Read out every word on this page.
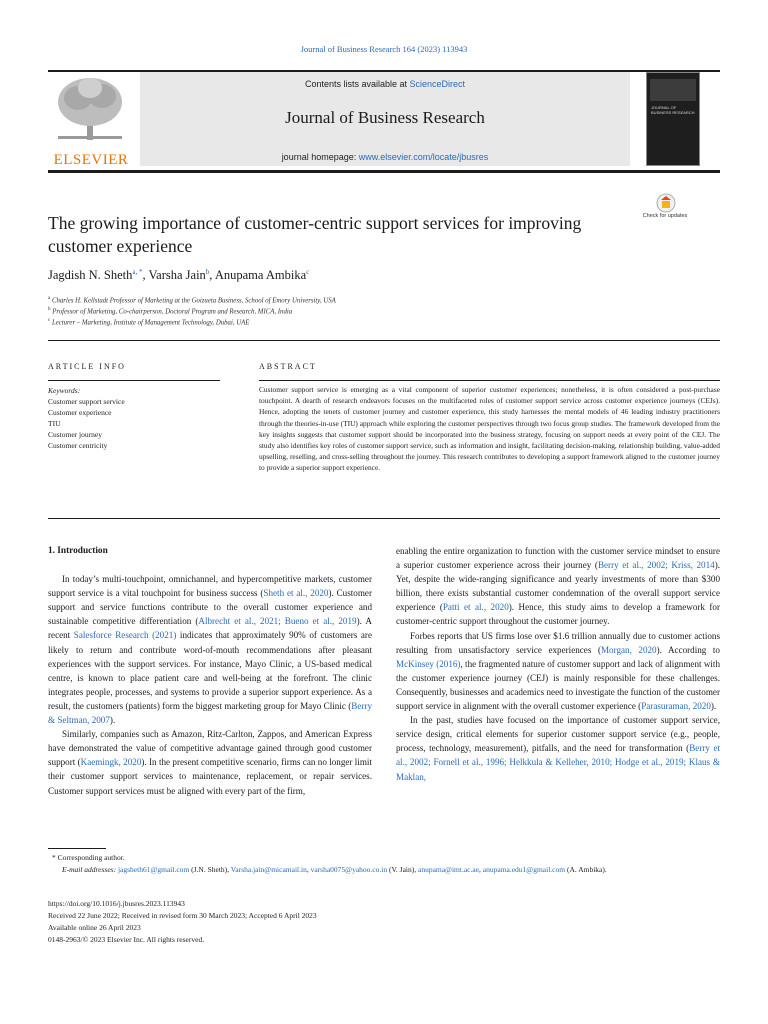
Journal of Business Research 164 (2023) 113943
ELSEVIER
Contents lists available at ScienceDirect
Journal of Business Research
journal homepage: www.elsevier.com/locate/jbusres
JOURNAL OF BUSINESS RESEARCH
The growing importance of customer-centric support services for improving customer experience
Check for updates
Jagdish N. Sheth$^{a, *}$, Varsha Jain$^b$, Anupama Ambika$^c$
$^a$ Charles H. Kellstadt Professor of Marketing at the Goizueta Business, School of Emory University, USA
$^b$ Professor of Marketing, Co-chairperson, Doctoral Program and Research, MICA, India
$^c$ Lecturer – Marketing, Institute of Management Technology, Dubai, UAE
ARTICLE INFO	ABSTRACT
Keywords:
Customer support service
Customer experience
TIU
Customer journey
Customer centricity
Customer support service is emerging as a vital component of superior customer experiences; nonetheless, it is often considered a post-purchase touchpoint. A dearth of research endeavors focuses on the multifaceted roles of customer support service across customer experience journeys (CEJs). Hence, adopting the tenets of customer journey and customer experience, this study harnesses the mental models of 46 leading industry practitioners through the theories-in-use (TIU) approach while exploring the customer perspectives through two focus group studies. The framework developed from the key insights suggests that customer support should be incorporated into the business strategy, focusing on support needs at every point of the CEJ. The study also identifies key roles of customer support service, such as information and insight, facilitating decision-making, relationship building, value-added upselling, reselling, and cross-selling throughout the journey. This research contributes to developing a support framework aligned to the customer journey to provide a superior support experience.
1. Introduction

In today’s multi-touchpoint, omnichannel, and hypercompetitive markets, customer support service is a vital touchpoint for business success (Sheth et al., 2020). Customer support and service functions contribute to the overall customer experience and sustainable competitive differentiation (Albrecht et al., 2021; Bueno et al., 2019). A recent Salesforce Research (2021) indicates that approximately 90% of customers are likely to return and contribute word-of-mouth recommendations after pleasant experiences with the support services. For instance, Mayo Clinic, a US-based medical centre, is known to place patient care and well-being at the forefront. The clinic integrates people, processes, and systems to provide a superior support experience. As a result, the customers (patients) form the biggest marketing group for Mayo Clinic (Berry & Seltman, 2007).

Similarly, companies such as Amazon, Ritz-Carlton, Zappos, and American Express have demonstrated the value of competitive advantage gained through good customer support (Kaemingk, 2020). In the present competitive scenario, firms can no longer limit their customer support services to maintenance, replacement, or repair services. Customer support services must be aligned with every part of the firm,

enabling the entire organization to function with the customer service mindset to ensure a superior customer experience across their journey (Berry et al., 2002; Kriss, 2014). Yet, despite the wide-ranging significance and yearly investments of more than $300 billion, there exists substantial customer condemnation of the overall support service experience (Patti et al., 2020). Hence, this study aims to develop a framework for customer-centric support throughout the customer journey.

Forbes reports that US firms lose over $1.6 trillion annually due to customer actions resulting from unsatisfactory service experiences (Morgan, 2020). According to McKinsey (2016), the fragmented nature of customer support and lack of alignment with the customer experience journey (CEJ) is mainly responsible for these challenges. Consequently, businesses and academics need to investigate the function of the customer support service in alignment with the overall customer experience (Parasuraman, 2020).

In the past, studies have focused on the importance of customer support service, service design, critical elements for superior customer support service (e.g., people, process, technology, measurement), pitfalls, and the need for transformation (Berry et al., 2002; Fornell et al., 1996; Helkkula & Kelleher, 2010; Hodge et al., 2019; Klaus & Maklan,

* Corresponding author.
E-mail addresses: jagsheth61@gmail.com (J.N. Sheth), Varsha.jain@micamail.in, varsha0075@yahoo.co.in (V. Jain), anupama@imt.ac.ae, anupama.edu1@gmail.com (A. Ambika).
https://doi.org/10.1016/j.jbusres.2023.113943
Received 22 June 2022; Received in revised form 30 March 2023; Accepted 6 April 2023
Available online 26 April 2023
0148-2963/© 2023 Elsevier Inc. All rights reserved.
